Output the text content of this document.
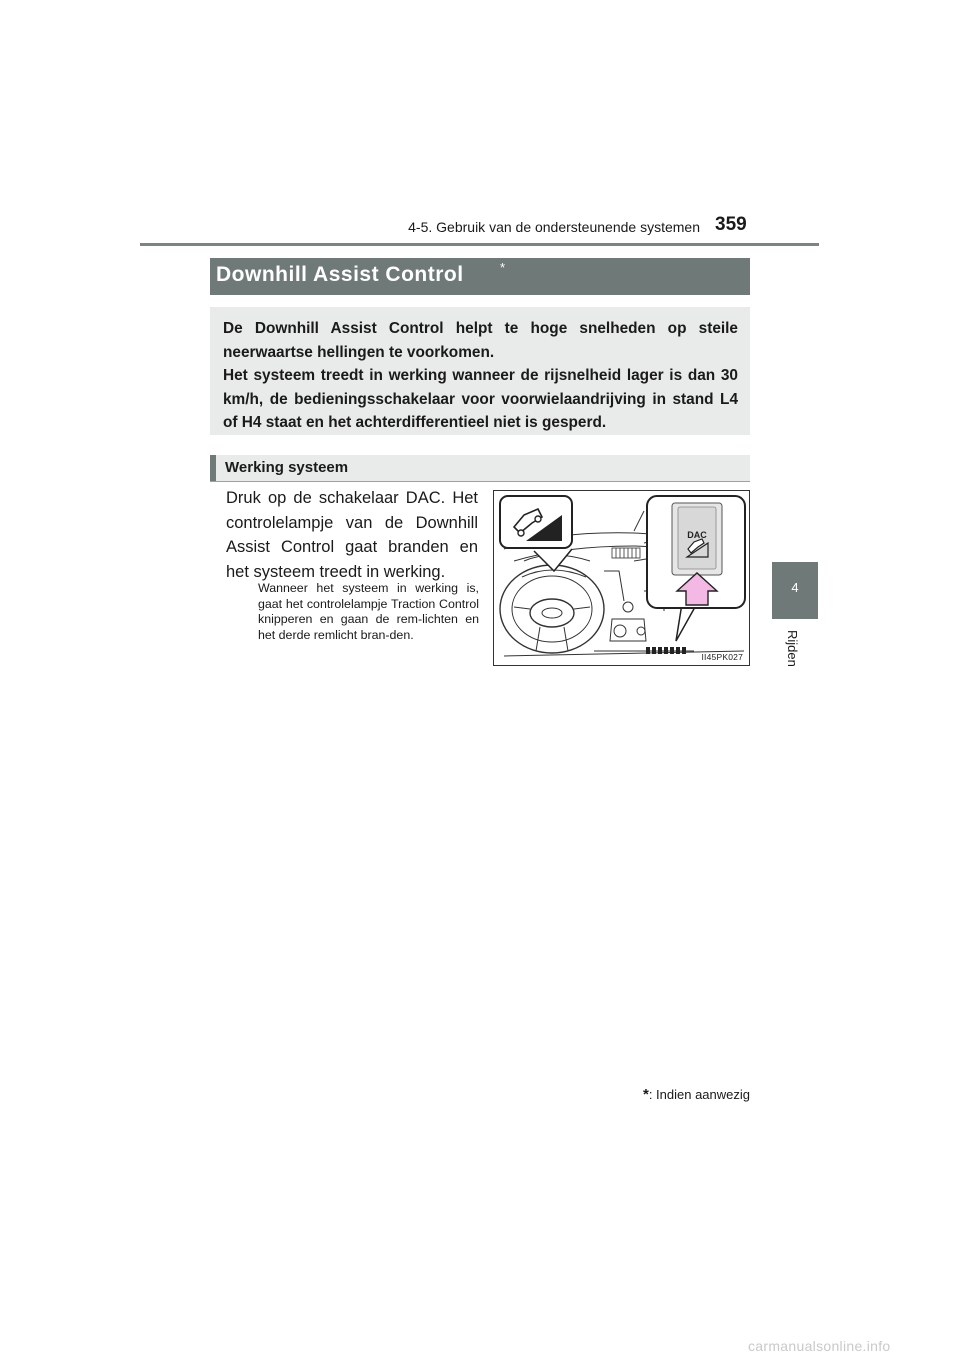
4-5. Gebruik van de ondersteunende systemen 359
4
Rijden
Downhill Assist Control	*

De Downhill Assist Control helpt te hoge snelheden op steile neerwaartse hellingen te voorkomen.

Het systeem treedt in werking wanneer de rijsnelheid lager is dan 30 km/h, de bedieningsschakelaar voor voorwielaandrijving in stand L4 of H4 staat en het achterdifferentieel niet is gesperd.

Werking systeem

Druk op de schakelaar DAC. Het controlelampje van de Downhill Assist Control gaat branden en het systeem treedt in werking.

Wanneer het systeem in werking is, gaat het controlelampje Traction Control knipperen en gaan de rem-lichten en het derde remlicht bran-den.

DAC
II45PK027
*: Indien aanwezig
carmanualsonline.info
